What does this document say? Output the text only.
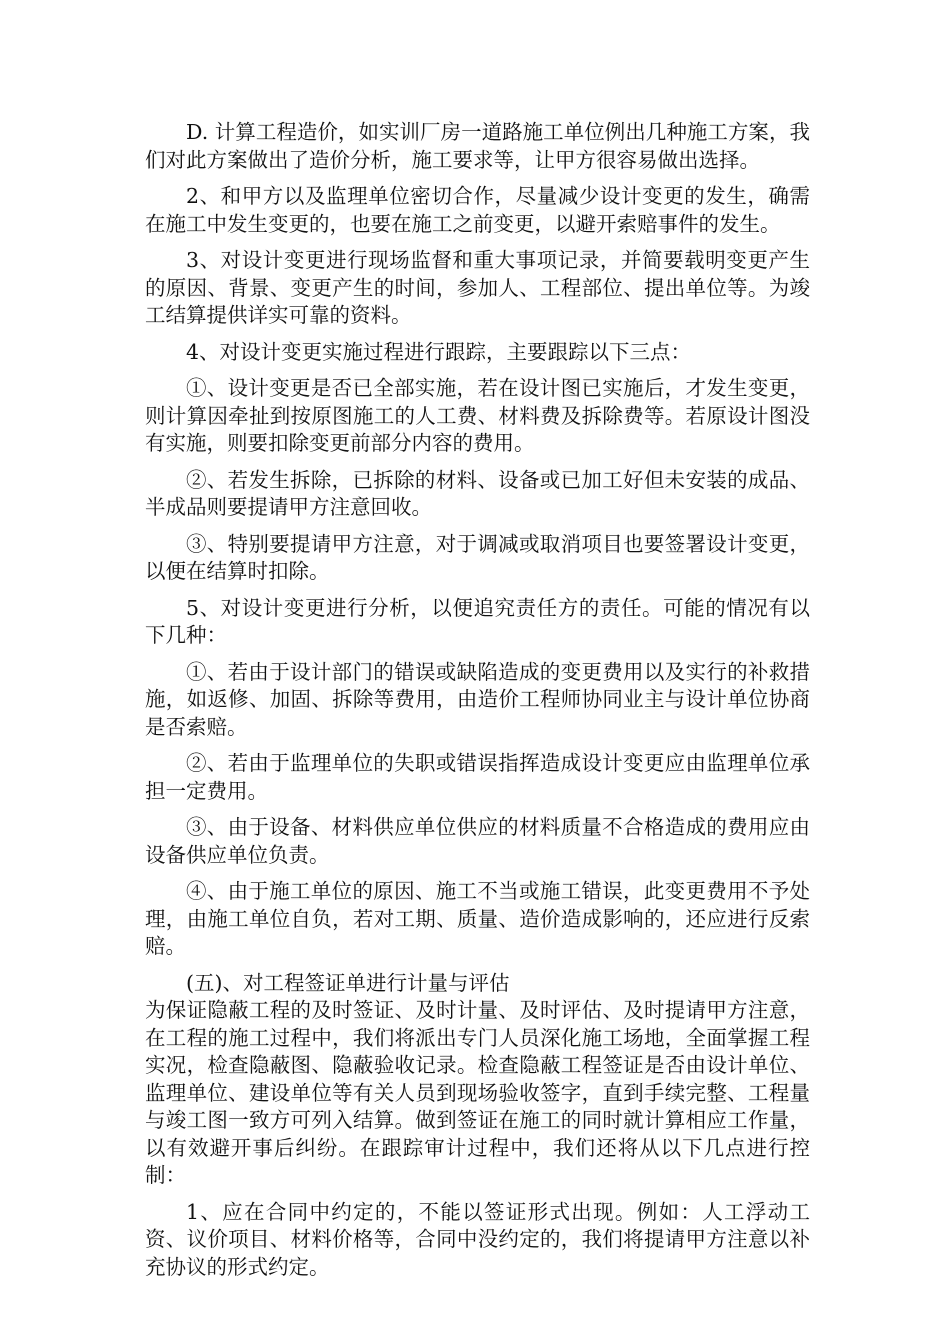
D. 计算工程造价，如实训厂房一道路施工单位例出几种施工方案，我们对此方案做出了造价分析，施工要求等，让甲方很容易做出选择。

2、和甲方以及监理单位密切合作，尽量减少设计变更的发生，确需在施工中发生变更的，也要在施工之前变更，以避开索赔事件的发生。

3、对设计变更进行现场监督和重大事项记录，并简要载明变更产生的原因、背景、变更产生的时间，参加人、工程部位、提出单位等。为竣工结算提供详实可靠的资料。

4、对设计变更实施过程进行跟踪，主要跟踪以下三点：

①、设计变更是否已全部实施，若在设计图已实施后，才发生变更，则计算因牵扯到按原图施工的人工费、材料费及拆除费等。若原设计图没有实施，则要扣除变更前部分内容的费用。

②、若发生拆除，已拆除的材料、设备或已加工好但未安装的成品、半成品则要提请甲方注意回收。

③、特别要提请甲方注意，对于调减或取消项目也要签署设计变更，以便在结算时扣除。

5、对设计变更进行分析，以便追究责任方的责任。可能的情况有以下几种：

①、若由于设计部门的错误或缺陷造成的变更费用以及实行的补救措施，如返修、加固、拆除等费用，由造价工程师协同业主与设计单位协商是否索赔。

②、若由于监理单位的失职或错误指挥造成设计变更应由监理单位承担一定费用。

③、由于设备、材料供应单位供应的材料质量不合格造成的费用应由设备供应单位负责。

④、由于施工单位的原因、施工不当或施工错误，此变更费用不予处理，由施工单位自负，若对工期、质量、造价造成影响的，还应进行反索赔。

(五)、对工程签证单进行计量与评估

为保证隐蔽工程的及时签证、及时计量、及时评估、及时提请甲方注意，在工程的施工过程中，我们将派出专门人员深化施工场地，全面掌握工程实况，检查隐蔽图、隐蔽验收记录。检查隐蔽工程签证是否由设计单位、监理单位、建设单位等有关人员到现场验收签字，直到手续完整、工程量与竣工图一致方可列入结算。做到签证在施工的同时就计算相应工作量，以有效避开事后纠纷。在跟踪审计过程中，我们还将从以下几点进行控制：

1、应在合同中约定的，不能以签证形式出现。例如：人工浮动工资、议价项目、材料价格等，合同中没约定的，我们将提请甲方注意以补充协议的形式约定。
